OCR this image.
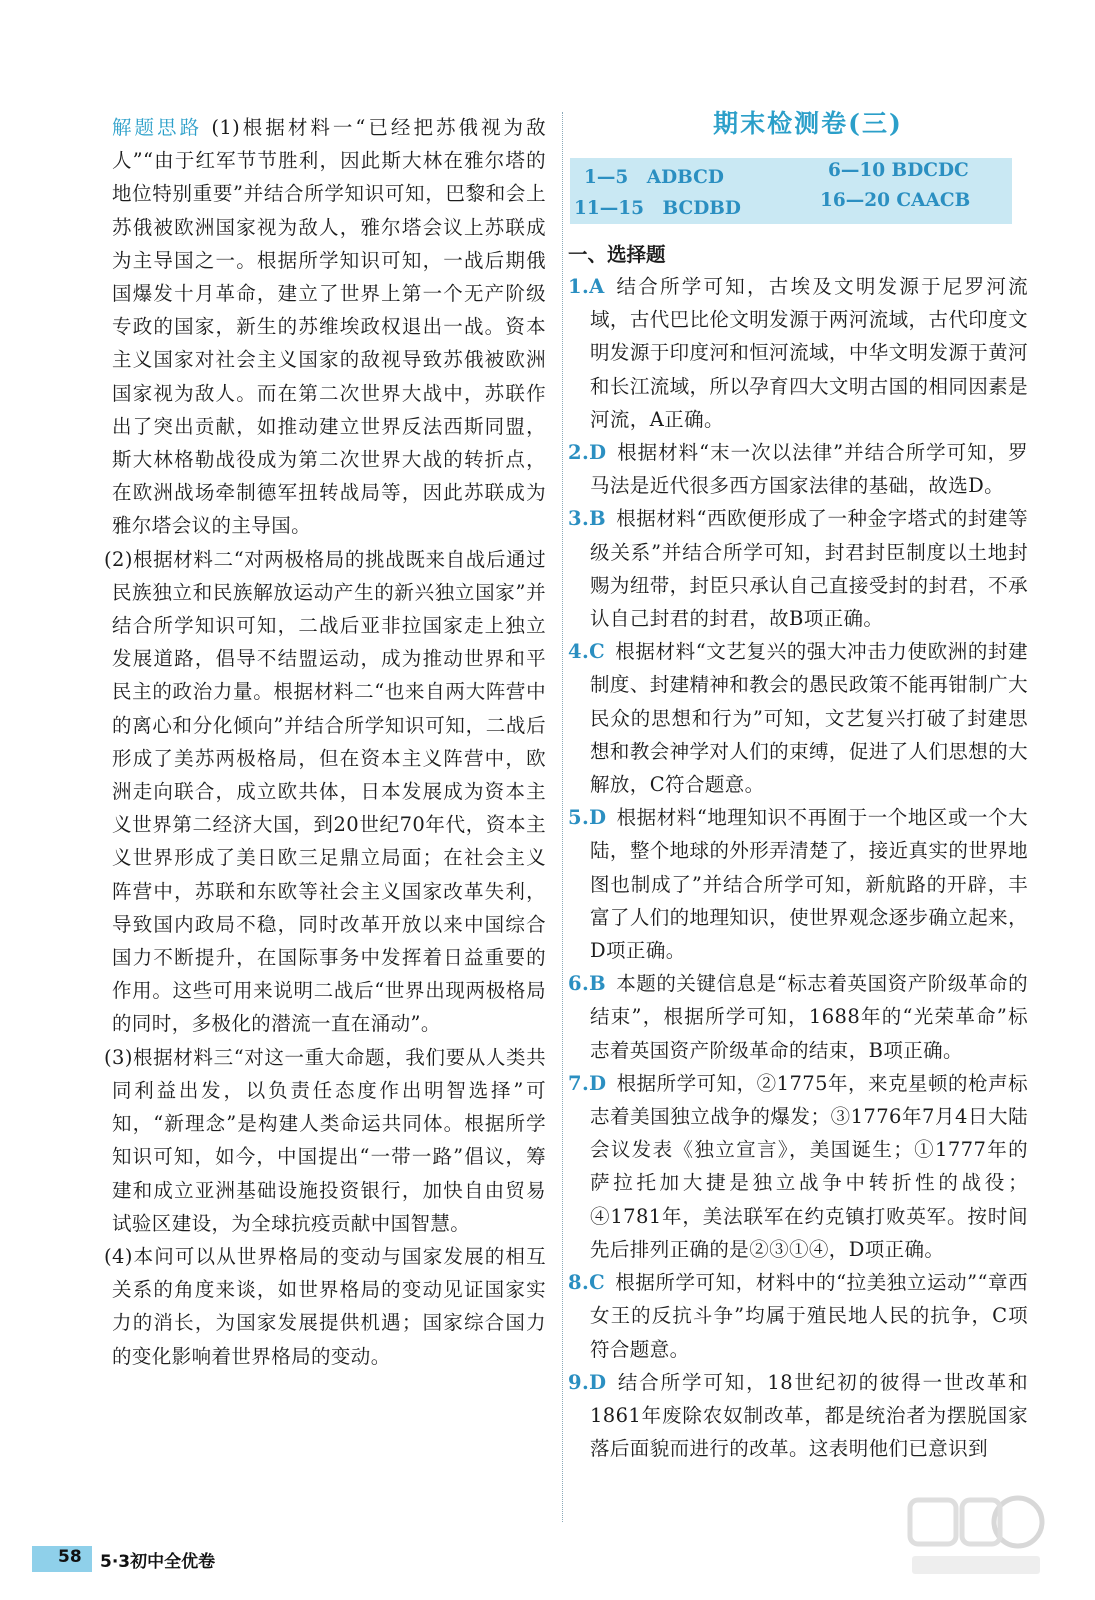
解题思路 (1)根据材料一“已经把苏俄视为敌人”“由于红军节节胜利，因此斯大林在雅尔塔的地位特别重要”并结合所学知识可知，巴黎和会上苏俄被欧洲国家视为敌人，雅尔塔会议上苏联成为主导国之一。根据所学知识可知，一战后期俄国爆发十月革命，建立了世界上第一个无产阶级专政的国家，新生的苏维埃政权退出一战。资本主义国家对社会主义国家的敌视导致苏俄被欧洲国家视为敌人。而在第二次世界大战中，苏联作出了突出贡献，如推动建立世界反法西斯同盟，斯大林格勒战役成为第二次世界大战的转折点，在欧洲战场牵制德军扭转战局等，因此苏联成为雅尔塔会议的主导国。

(2)根据材料二“对两极格局的挑战既来自战后通过民族独立和民族解放运动产生的新兴独立国家”并结合所学知识可知，二战后亚非拉国家走上独立发展道路，倡导不结盟运动，成为推动世界和平民主的政治力量。根据材料二“也来自两大阵营中的离心和分化倾向”并结合所学知识可知，二战后形成了美苏两极格局，但在资本主义阵营中，欧洲走向联合，成立欧共体，日本发展成为资本主义世界第二经济大国，到20世纪70年代，资本主义世界形成了美日欧三足鼎立局面；在社会主义阵营中，苏联和东欧等社会主义国家改革失利，导致国内政局不稳，同时改革开放以来中国综合国力不断提升，在国际事务中发挥着日益重要的作用。这些可用来说明二战后“世界出现两极格局的同时，多极化的潜流一直在涌动”。

(3)根据材料三“对这一重大命题，我们要从人类共同利益出发，以负责任态度作出明智选择”可知，“新理念”是构建人类命运共同体。根据所学知识可知，如今，中国提出“一带一路”倡议，筹建和成立亚洲基础设施投资银行，加快自由贸易试验区建设，为全球抗疫贡献中国智慧。

(4)本问可以从世界格局的变动与国家发展的相互关系的角度来谈，如世界格局的变动见证国家实力的消长，为国家发展提供机遇；国家综合国力的变化影响着世界格局的变动。

期末检测卷(三)
1—5　ADBCD	6—10 BDCDC
11—15　BCDBD	16—20 CAACB
一、选择题

1.A 结合所学可知，古埃及文明发源于尼罗河流域，古代巴比伦文明发源于两河流域，古代印度文明发源于印度河和恒河流域，中华文明发源于黄河和长江流域，所以孕育四大文明古国的相同因素是河流，A正确。

2.D 根据材料“末一次以法律”并结合所学可知，罗马法是近代很多西方国家法律的基础，故选D。

3.B 根据材料“西欧便形成了一种金字塔式的封建等级关系”并结合所学可知，封君封臣制度以土地封赐为纽带，封臣只承认自己直接受封的封君，不承认自己封君的封君，故B项正确。

4.C 根据材料“文艺复兴的强大冲击力使欧洲的封建制度、封建精神和教会的愚民政策不能再钳制广大民众的思想和行为”可知，文艺复兴打破了封建思想和教会神学对人们的束缚，促进了人们思想的大解放，C符合题意。

5.D 根据材料“地理知识不再囿于一个地区或一个大陆，整个地球的外形弄清楚了，接近真实的世界地图也制成了”并结合所学可知，新航路的开辟，丰富了人们的地理知识，使世界观念逐步确立起来，D项正确。

6.B 本题的关键信息是“标志着英国资产阶级革命的结束”，根据所学可知，1688年的“光荣革命”标志着英国资产阶级革命的结束，B项正确。

7.D 根据所学可知，②1775年，来克星顿的枪声标志着美国独立战争的爆发；③1776年7月4日大陆会议发表《独立宣言》，美国诞生；①1777年的萨拉托加大捷是独立战争中转折性的战役；④1781年，美法联军在约克镇打败英军。按时间先后排列正确的是②③①④，D项正确。

8.C 根据所学可知，材料中的“拉美独立运动”“章西女王的反抗斗争”均属于殖民地人民的抗争，C项符合题意。

9.D 结合所学可知，18世纪初的彼得一世改革和1861年废除农奴制改革，都是统治者为摆脱国家落后面貌而进行的改革。这表明他们已意识到

58 5·3初中全优卷
